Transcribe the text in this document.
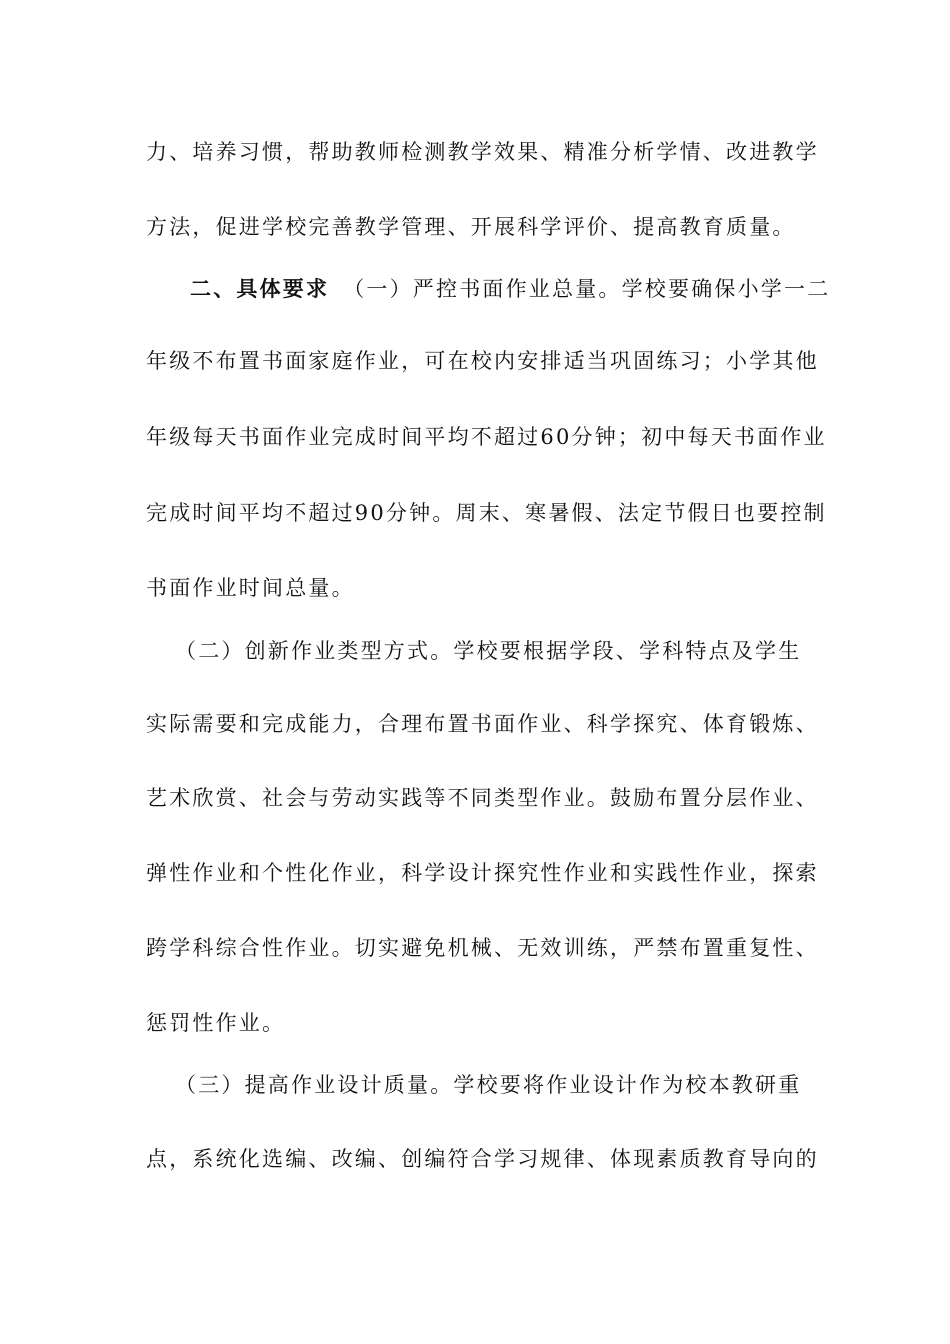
力、培养习惯，帮助教师检测教学效果、精准分析学情、改进教学
方法，促进学校完善教学管理、开展科学评价、提高教育质量。
二、具体要求 （一）严控书面作业总量。学校要确保小学一二
年级不布置书面家庭作业，可在校内安排适当巩固练习；小学其他
年级每天书面作业完成时间平均不超过60分钟；初中每天书面作业
完成时间平均不超过90分钟。周末、寒暑假、法定节假日也要控制
书面作业时间总量。
（二）创新作业类型方式。学校要根据学段、学科特点及学生
实际需要和完成能力，合理布置书面作业、科学探究、体育锻炼、
艺术欣赏、社会与劳动实践等不同类型作业。鼓励布置分层作业、
弹性作业和个性化作业，科学设计探究性作业和实践性作业，探索
跨学科综合性作业。切实避免机械、无效训练，严禁布置重复性、
惩罚性作业。
（三）提高作业设计质量。学校要将作业设计作为校本教研重
点，系统化选编、改编、创编符合学习规律、体现素质教育导向的
